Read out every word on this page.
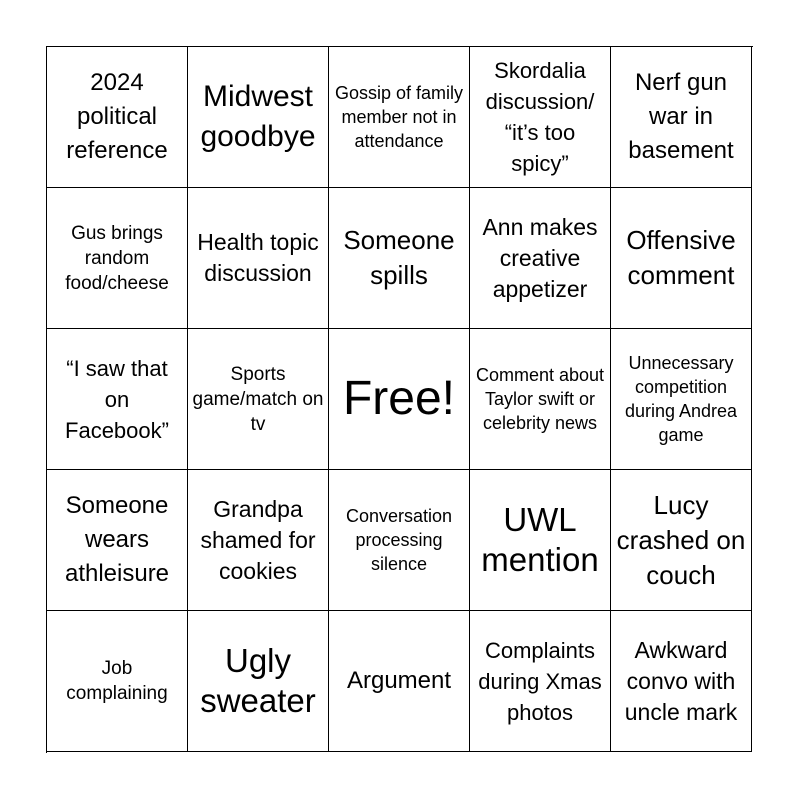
2024 political reference
Midwest goodbye
Gossip of family member not in attendance
Skordalia discussion/ “it’s too spicy”
Nerf gun war in basement
Gus brings random food/cheese
Health topic discussion
Someone spills
Ann makes creative appetizer
Offensive comment
“I saw that on Facebook”
Sports game/match on tv	Free!	Comment about Taylor swift or celebrity news
Unnecessary competition during Andrea game
Someone wears athleisure
Grandpa shamed for cookies
Conversation processing silence
UWL mention
Lucy crashed on couch
Job complaining
Ugly sweater
Argument
Complaints during Xmas photos
Awkward convo with uncle mark
